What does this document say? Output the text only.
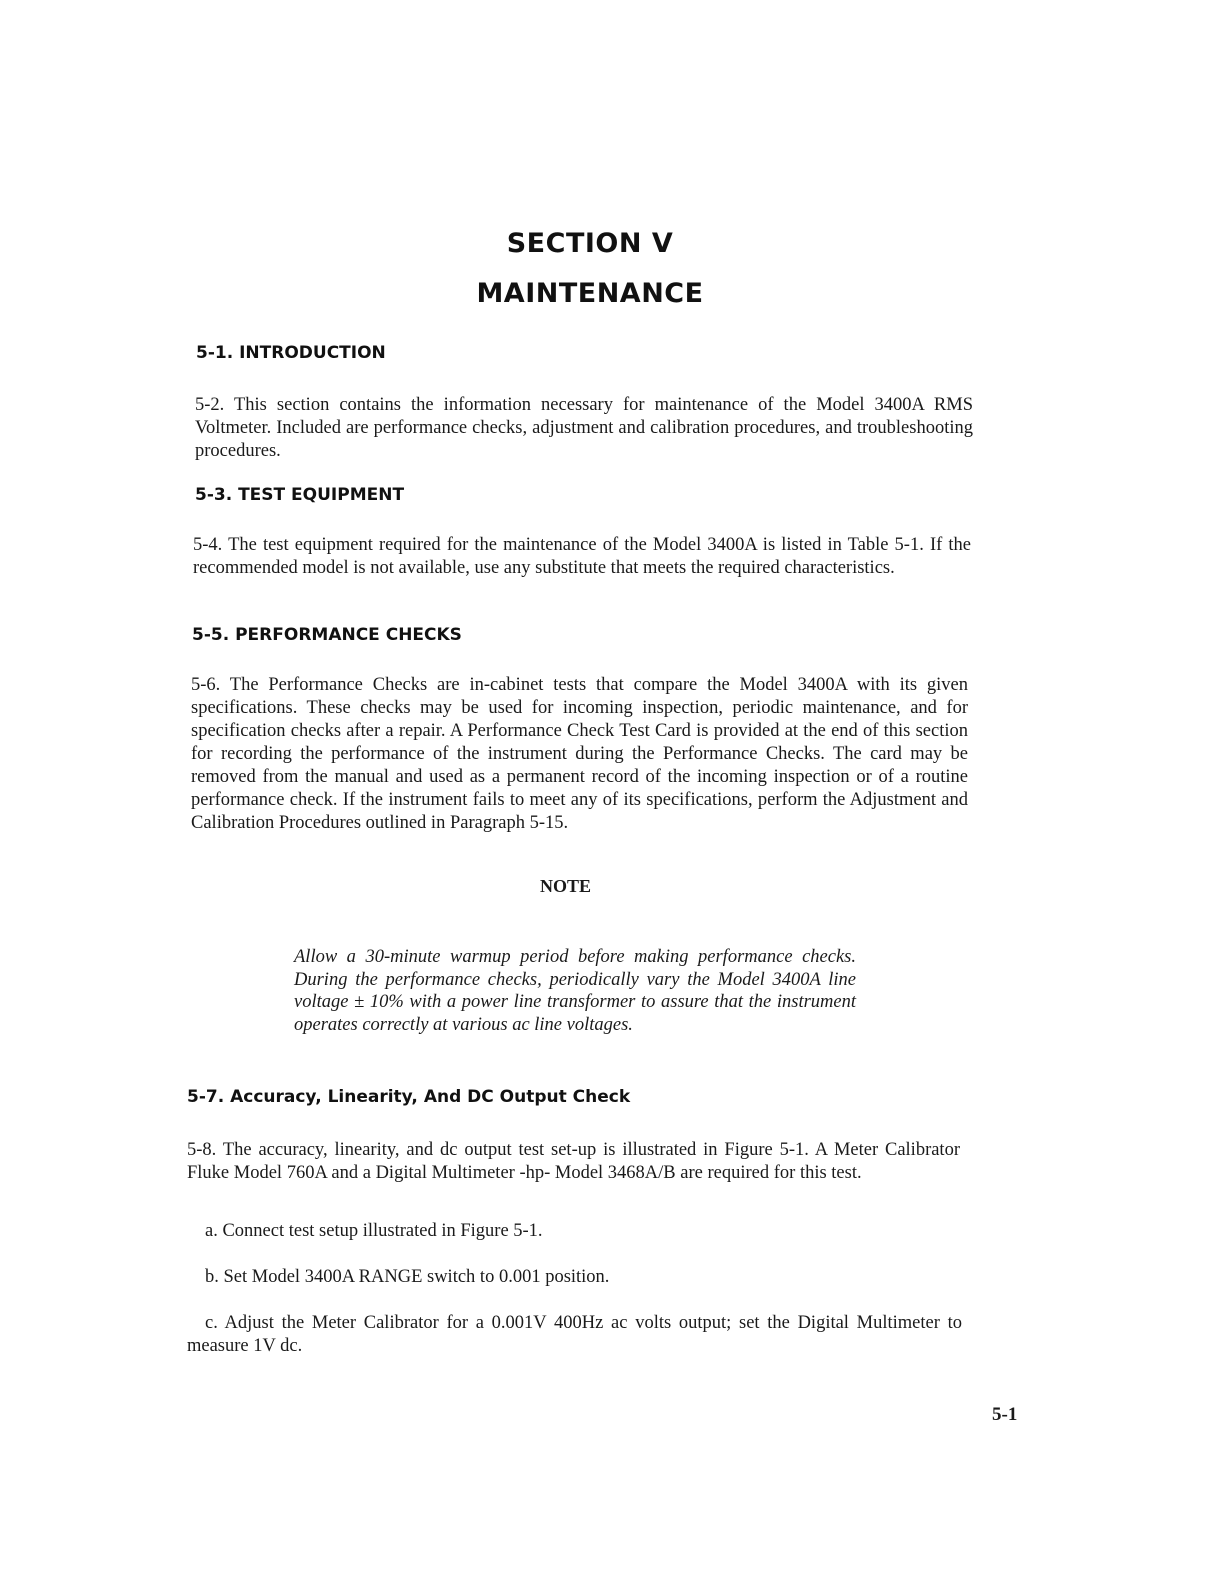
SECTION V
MAINTENANCE
5-1. INTRODUCTION
5-2. This section contains the information necessary for maintenance of the Model 3400A RMS Voltmeter. Included are performance checks, adjustment and calibration procedures, and troubleshooting procedures.
5-3. TEST EQUIPMENT
5-4. The test equipment required for the maintenance of the Model 3400A is listed in Table 5-1. If the recommended model is not available, use any substitute that meets the required characteristics.
5-5. PERFORMANCE CHECKS
5-6. The Performance Checks are in-cabinet tests that compare the Model 3400A with its given specifications. These checks may be used for incoming inspection, periodic maintenance, and for specification checks after a repair. A Performance Check Test Card is provided at the end of this section for recording the performance of the instrument during the Performance Checks. The card may be removed from the manual and used as a permanent record of the incoming inspection or of a routine performance check. If the instrument fails to meet any of its specifications, perform the Adjustment and Calibration Procedures outlined in Paragraph 5-15.
NOTE
Allow a 30-minute warmup period before making performance checks. During the performance checks, periodically vary the Model 3400A line voltage ± 10% with a power line transformer to assure that the instrument operates correctly at various ac line voltages.
5-7. Accuracy, Linearity, And DC Output Check
5-8. The accuracy, linearity, and dc output test set-up is illustrated in Figure 5-1. A Meter Calibrator Fluke Model 760A and a Digital Multimeter -hp- Model 3468A/B are required for this test.
a. Connect test setup illustrated in Figure 5-1.
b. Set Model 3400A RANGE switch to 0.001 position.
c. Adjust the Meter Calibrator for a 0.001V 400Hz ac volts output; set the Digital Multimeter to measure 1V dc.
5-1
